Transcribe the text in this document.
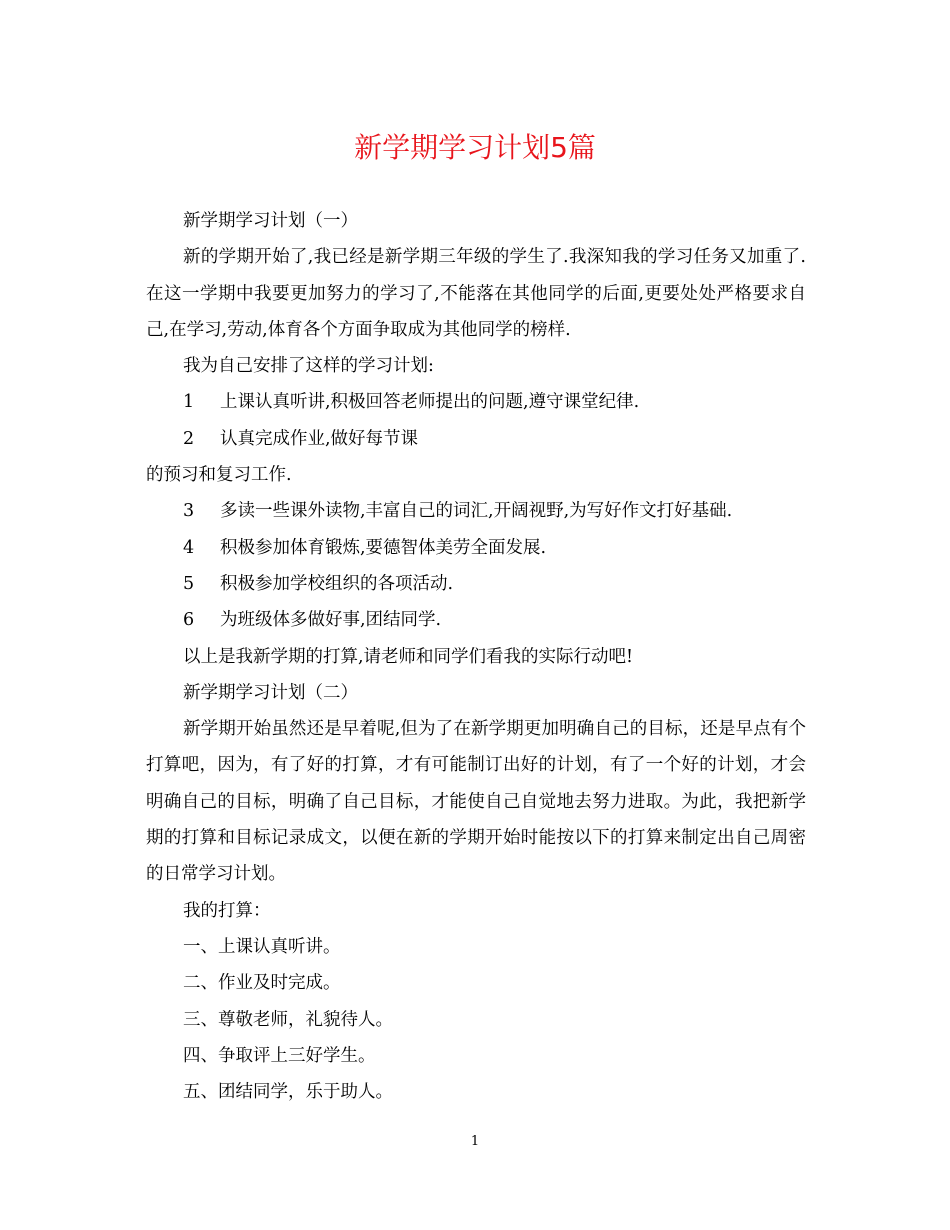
新学期学习计划5篇

新学期学习计划（一）

新的学期开始了,我已经是新学期三年级的学生了.我深知我的学习任务又加重了.在这一学期中我要更加努力的学习了,不能落在其他同学的后面,更要处处严格要求自己,在学习,劳动,体育各个方面争取成为其他同学的榜样.

我为自己安排了这样的学习计划:

1	上课认真听讲,积极回答老师提出的问题,遵守课堂纪律.
2	认真完成作业,做好每节课

的预习和复习工作.

3	多读一些课外读物,丰富自己的词汇,开阔视野,为写好作文打好基础.
4	积极参加体育锻炼,要德智体美劳全面发展.
5	积极参加学校组织的各项活动.
6	为班级体多做好事,团结同学.

以上是我新学期的打算,请老师和同学们看我的实际行动吧!

新学期学习计划（二）

新学期开始虽然还是早着呢,但为了在新学期更加明确自己的目标，还是早点有个打算吧，因为，有了好的打算，才有可能制订出好的计划，有了一个好的计划，才会明确自己的目标，明确了自己目标，才能使自己自觉地去努力进取。为此，我把新学期的打算和目标记录成文，以便在新的学期开始时能按以下的打算来制定出自己周密的日常学习计划。

我的打算：

一、上课认真听讲。

二、作业及时完成。

三、尊敬老师，礼貌待人。

四、争取评上三好学生。

五、团结同学，乐于助人。

1
